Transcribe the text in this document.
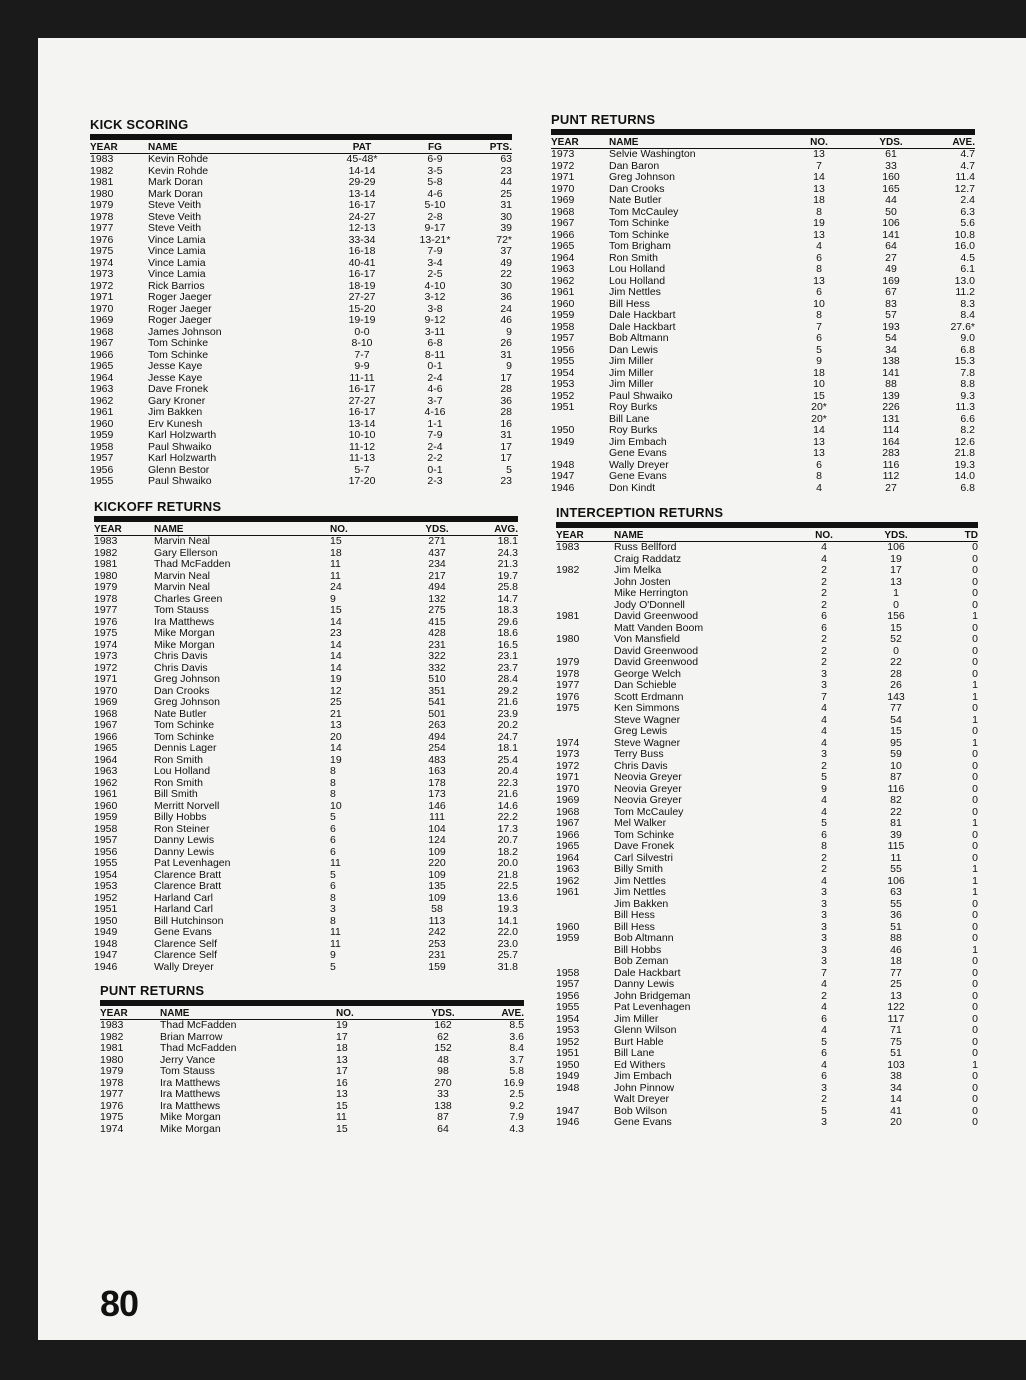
KICK SCORING
YEAR	NAME	PAT	FG	PTS.
1983	Kevin Rohde	45-48*	6-9	63
1982	Kevin Rohde	14-14	3-5	23
1981	Mark Doran	29-29	5-8	44
1980	Mark Doran	13-14	4-6	25
1979	Steve Veith	16-17	5-10	31
1978	Steve Veith	24-27	2-8	30
1977	Steve Veith	12-13	9-17	39
1976	Vince Lamia	33-34	13-21*	72*
1975	Vince Lamia	16-18	7-9	37
1974	Vince Lamia	40-41	3-4	49
1973	Vince Lamia	16-17	2-5	22
1972	Rick Barrios	18-19	4-10	30
1971	Roger Jaeger	27-27	3-12	36
1970	Roger Jaeger	15-20	3-8	24
1969	Roger Jaeger	19-19	9-12	46
1968	James Johnson	0-0	3-11	9
1967	Tom Schinke	8-10	6-8	26
1966	Tom Schinke	7-7	8-11	31
1965	Jesse Kaye	9-9	0-1	9
1964	Jesse Kaye	11-11	2-4	17
1963	Dave Fronek	16-17	4-6	28
1962	Gary Kroner	27-27	3-7	36
1961	Jim Bakken	16-17	4-16	28
1960	Erv Kunesh	13-14	1-1	16
1959	Karl Holzwarth	10-10	7-9	31
1958	Paul Shwaiko	11-12	2-4	17
1957	Karl Holzwarth	11-13	2-2	17
1956	Glenn Bestor	5-7	0-1	5
1955	Paul Shwaiko	17-20	2-3	23
KICKOFF RETURNS
YEAR	NAME	NO.	YDS.	AVG.
1983	Marvin Neal	15	271	18.1
1982	Gary Ellerson	18	437	24.3
1981	Thad McFadden	11	234	21.3
1980	Marvin Neal	11	217	19.7
1979	Marvin Neal	24	494	25.8
1978	Charles Green	9	132	14.7
1977	Tom Stauss	15	275	18.3
1976	Ira Matthews	14	415	29.6
1975	Mike Morgan	23	428	18.6
1974	Mike Morgan	14	231	16.5
1973	Chris Davis	14	322	23.1
1972	Chris Davis	14	332	23.7
1971	Greg Johnson	19	510	28.4
1970	Dan Crooks	12	351	29.2
1969	Greg Johnson	25	541	21.6
1968	Nate Butler	21	501	23.9
1967	Tom Schinke	13	263	20.2
1966	Tom Schinke	20	494	24.7
1965	Dennis Lager	14	254	18.1
1964	Ron Smith	19	483	25.4
1963	Lou Holland	8	163	20.4
1962	Ron Smith	8	178	22.3
1961	Bill Smith	8	173	21.6
1960	Merritt Norvell	10	146	14.6
1959	Billy Hobbs	5	111	22.2
1958	Ron Steiner	6	104	17.3
1957	Danny Lewis	6	124	20.7
1956	Danny Lewis	6	109	18.2
1955	Pat Levenhagen	11	220	20.0
1954	Clarence Bratt	5	109	21.8
1953	Clarence Bratt	6	135	22.5
1952	Harland Carl	8	109	13.6
1951	Harland Carl	3	58	19.3
1950	Bill Hutchinson	8	113	14.1
1949	Gene Evans	11	242	22.0
1948	Clarence Self	11	253	23.0
1947	Clarence Self	9	231	25.7
1946	Wally Dreyer	5	159	31.8
PUNT RETURNS
YEAR	NAME	NO.	YDS.	AVE.
1983	Thad McFadden	19	162	8.5
1982	Brian Marrow	17	62	3.6
1981	Thad McFadden	18	152	8.4
1980	Jerry Vance	13	48	3.7
1979	Tom Stauss	17	98	5.8
1978	Ira Matthews	16	270	16.9
1977	Ira Matthews	13	33	2.5
1976	Ira Matthews	15	138	9.2
1975	Mike Morgan	11	87	7.9
1974	Mike Morgan	15	64	4.3
PUNT RETURNS
YEAR	NAME	NO.	YDS.	AVE.
1973	Selvie Washington	13	61	4.7
1972	Dan Baron	7	33	4.7
1971	Greg Johnson	14	160	11.4
1970	Dan Crooks	13	165	12.7
1969	Nate Butler	18	44	2.4
1968	Tom McCauley	8	50	6.3
1967	Tom Schinke	19	106	5.6
1966	Tom Schinke	13	141	10.8
1965	Tom Brigham	4	64	16.0
1964	Ron Smith	6	27	4.5
1963	Lou Holland	8	49	6.1
1962	Lou Holland	13	169	13.0
1961	Jim Nettles	6	67	11.2
1960	Bill Hess	10	83	8.3
1959	Dale Hackbart	8	57	8.4
1958	Dale Hackbart	7	193	27.6*
1957	Bob Altmann	6	54	9.0
1956	Dan Lewis	5	34	6.8
1955	Jim Miller	9	138	15.3
1954	Jim Miller	18	141	7.8
1953	Jim Miller	10	88	8.8
1952	Paul Shwaiko	15	139	9.3
1951	Roy Burks	20*	226	11.3
	Bill Lane	20*	131	6.6
1950	Roy Burks	14	114	8.2
1949	Jim Embach	13	164	12.6
	Gene Evans	13	283	21.8
1948	Wally Dreyer	6	116	19.3
1947	Gene Evans	8	112	14.0
1946	Don Kindt	4	27	6.8
INTERCEPTION RETURNS
YEAR	NAME	NO.	YDS.	TD
1983	Russ Bellford	4	106	0
	Craig Raddatz	4	19	0
1982	Jim Melka	2	17	0
	John Josten	2	13	0
	Mike Herrington	2	1	0
	Jody O'Donnell	2	0	0
1981	David Greenwood	6	156	1
	Matt Vanden Boom	6	15	0
1980	Von Mansfield	2	52	0
	David Greenwood	2	0	0
1979	David Greenwood	2	22	0
1978	George Welch	3	28	0
1977	Dan Schieble	3	26	1
1976	Scott Erdmann	7	143	1
1975	Ken Simmons	4	77	0
	Steve Wagner	4	54	1
	Greg Lewis	4	15	0
1974	Steve Wagner	4	95	1
1973	Terry Buss	3	59	0
1972	Chris Davis	2	10	0
1971	Neovia Greyer	5	87	0
1970	Neovia Greyer	9	116	0
1969	Neovia Greyer	4	82	0
1968	Tom McCauley	4	22	0
1967	Mel Walker	5	81	1
1966	Tom Schinke	6	39	0
1965	Dave Fronek	8	115	0
1964	Carl Silvestri	2	11	0
1963	Billy Smith	2	55	1
1962	Jim Nettles	4	106	1
1961	Jim Nettles	3	63	1
	Jim Bakken	3	55	0
	Bill Hess	3	36	0
1960	Bill Hess	3	51	0
1959	Bob Altmann	3	88	0
	Bill Hobbs	3	46	1
	Bob Zeman	3	18	0
1958	Dale Hackbart	7	77	0
1957	Danny Lewis	4	25	0
1956	John Bridgeman	2	13	0
1955	Pat Levenhagen	4	122	0
1954	Jim Miller	6	117	0
1953	Glenn Wilson	4	71	0
1952	Burt Hable	5	75	0
1951	Bill Lane	6	51	0
1950	Ed Withers	4	103	1
1949	Jim Embach	6	38	0
1948	John Pinnow	3	34	0
	Walt Dreyer	2	14	0
1947	Bob Wilson	5	41	0
1946	Gene Evans	3	20	0
80
